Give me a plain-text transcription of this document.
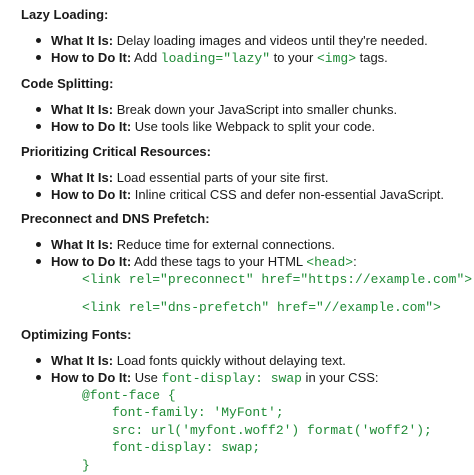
Lazy Loading:
What It Is: Delay loading images and videos until they're needed.
How to Do It: Add loading="lazy" to your <img> tags.
Code Splitting:
What It Is: Break down your JavaScript into smaller chunks.
How to Do It: Use tools like Webpack to split your code.
Prioritizing Critical Resources:
What It Is: Load essential parts of your site first.
How to Do It: Inline critical CSS and defer non-essential JavaScript.
Preconnect and DNS Prefetch:
What It Is: Reduce time for external connections.
How to Do It: Add these tags to your HTML <head>:
<link rel="preconnect" href="https://example.com">
<link rel="dns-prefetch" href="//example.com">
Optimizing Fonts:
What It Is: Load fonts quickly without delaying text.
How to Do It: Use font-display: swap in your CSS:
@font-face {
font-family: 'MyFont';
src: url('myfont.woff2') format('woff2');
font-display: swap;
}
